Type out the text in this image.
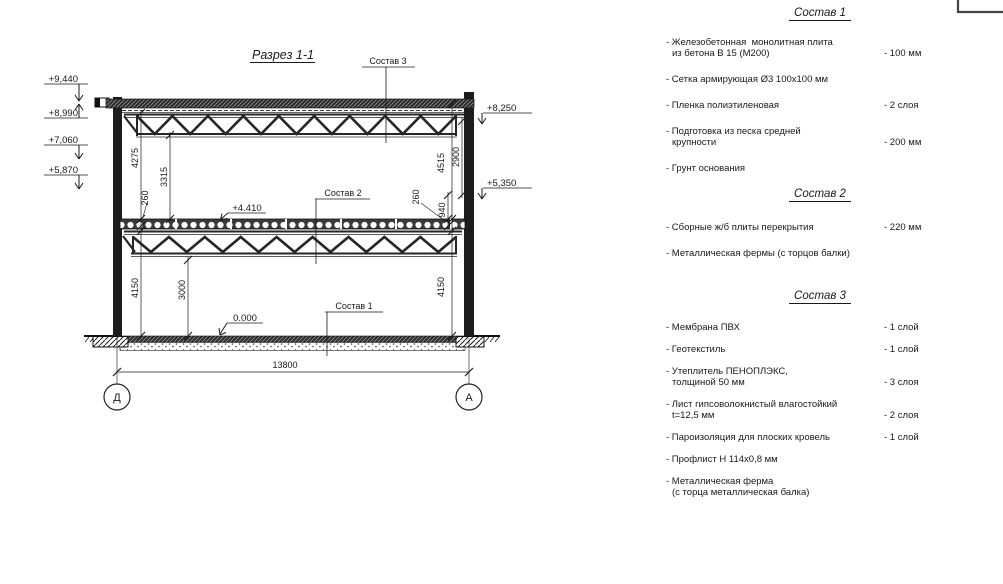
Разрез 1-1
Д	А
13800
4275
3315
260
4515 2900
260
940
4150	3000	4150
+9,440
+8,990
+7,060
+5,870
+8,250
+5,350
+4.410
0.000
Состав 3
Состав 2
Состав 1
Состав 1
- Железобетонная  монолитная плита
из бетона В 15 (М200)	- 100 мм
- Сетка армирующая Ø3 100x100 мм
- Пленка полиэтиленовая	- 2 слоя
- Подготовка из песка средней
крупности	- 200 мм
- Грунт основания
Состав 2
- Сборные ж/б плиты перекрытия	- 220 мм
- Металлическая фермы (с торцов балки)
Состав 3
- Мембрана ПВХ	- 1 слой
- Геотекстиль	- 1 слой
- Утеплитель ПЕНОПЛЭКС,
толщиной 50 мм	- 3 слоя
- Лист гипсоволокнистый влагостойкий
t=12,5 мм	- 2 слоя
- Пароизоляция для плоских кровель	- 1 слой
- Профлист Н 114х0,8 мм
- Металлическая ферма
(с торца металлическая балка)
